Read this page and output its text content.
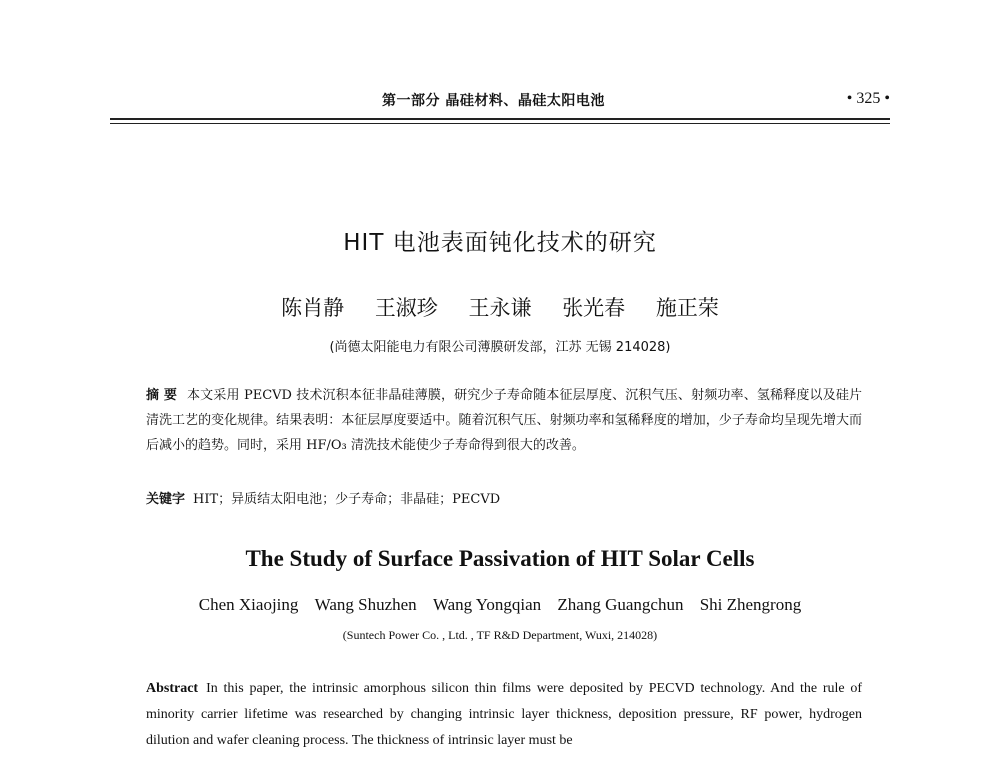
第一部分 晶硅材料、晶硅太阳电池	• 325 •
HIT 电池表面钝化技术的研究
陈肖静 王淑珍 王永谦 张光春 施正荣
(尚德太阳能电力有限公司薄膜研发部，江苏 无锡 214028)
摘 要 本文采用 PECVD 技术沉积本征非晶硅薄膜，研究少子寿命随本征层厚度、沉积气压、射频功率、氢稀释度以及硅片清洗工艺的变化规律。结果表明：本征层厚度要适中。随着沉积气压、射频功率和氢稀释度的增加，少子寿命均呈现先增大而后减小的趋势。同时，采用 HF/O₃ 清洗技术能使少子寿命得到很大的改善。
关键字 HIT；异质结太阳电池；少子寿命；非晶硅；PECVD
The Study of Surface Passivation of HIT Solar Cells
Chen Xiaojing Wang Shuzhen Wang Yongqian Zhang Guangchun Shi Zhengrong
(Suntech Power Co. , Ltd. , TF R&D Department, Wuxi, 214028)
Abstract In this paper, the intrinsic amorphous silicon thin films were deposited by PECVD technology. And the rule of minority carrier lifetime was researched by changing intrinsic layer thickness, deposition pressure, RF power, hydrogen dilution and wafer cleaning process. The thickness of intrinsic layer must be
